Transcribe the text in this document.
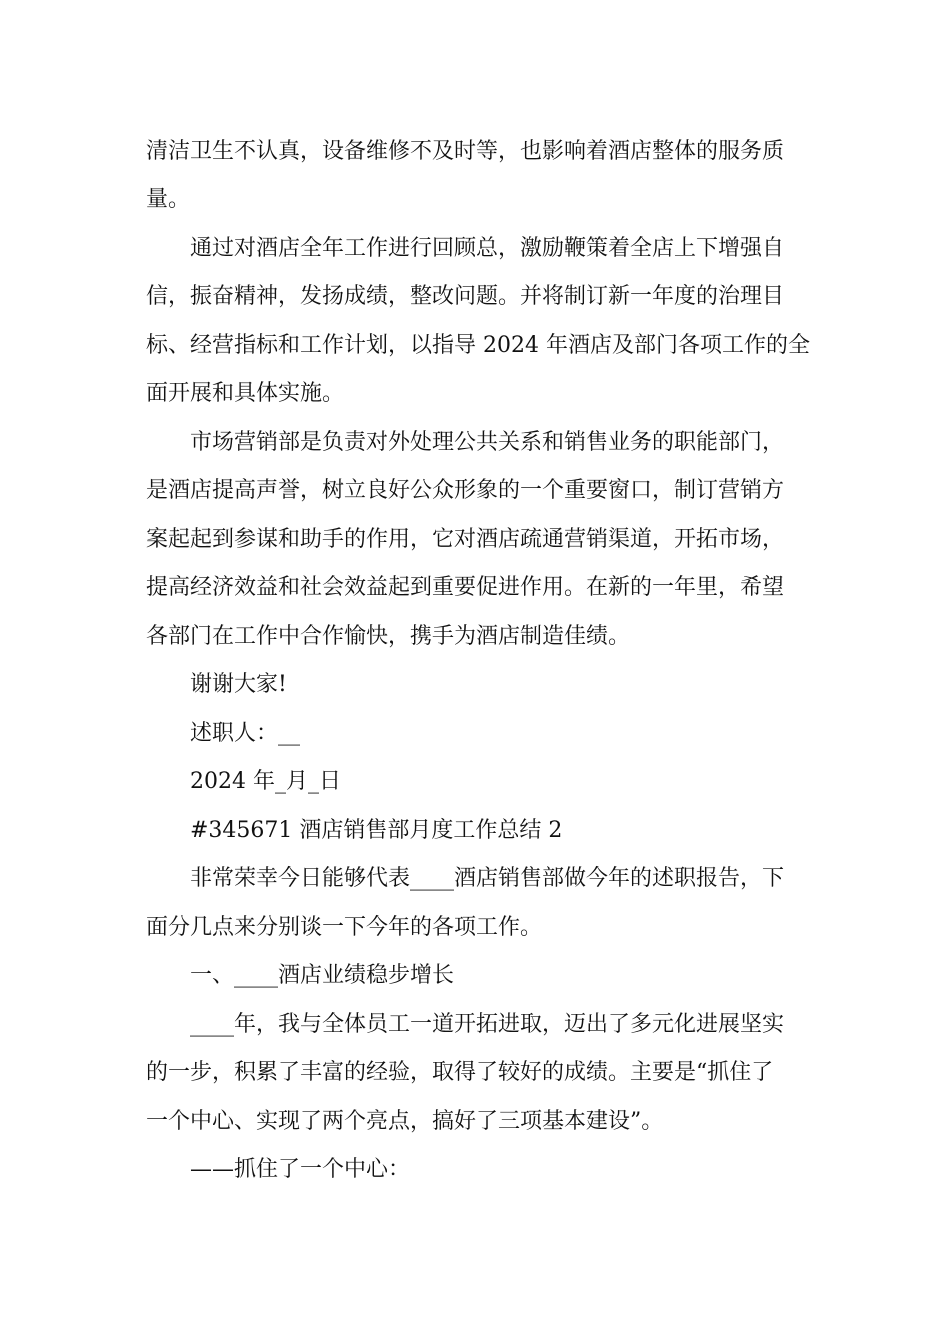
清洁卫生不认真，设备维修不及时等，也影响着酒店整体的服务质
量。
通过对酒店全年工作进行回顾总，激励鞭策着全店上下增强自
信，振奋精神，发扬成绩，整改问题。并将制订新一年度的治理目
标、经营指标和工作计划，以指导 2024 年酒店及部门各项工作的全
面开展和具体实施。
市场营销部是负责对外处理公共关系和销售业务的职能部门，
是酒店提高声誉，树立良好公众形象的一个重要窗口，制订营销方
案起起到参谋和助手的作用，它对酒店疏通营销渠道，开拓市场，
提高经济效益和社会效益起到重要促进作用。在新的一年里，希望
各部门在工作中合作愉快，携手为酒店制造佳绩。
谢谢大家!
述职人：__
2024 年_月_日
#345671 酒店销售部月度工作总结 2
非常荣幸今日能够代表____酒店销售部做今年的述职报告，下
面分几点来分别谈一下今年的各项工作。
一、____酒店业绩稳步增长
____年，我与全体员工一道开拓进取，迈出了多元化进展坚实
的一步，积累了丰富的经验，取得了较好的成绩。主要是“抓住了
一个中心、实现了两个亮点，搞好了三项基本建设”。
——抓住了一个中心：
